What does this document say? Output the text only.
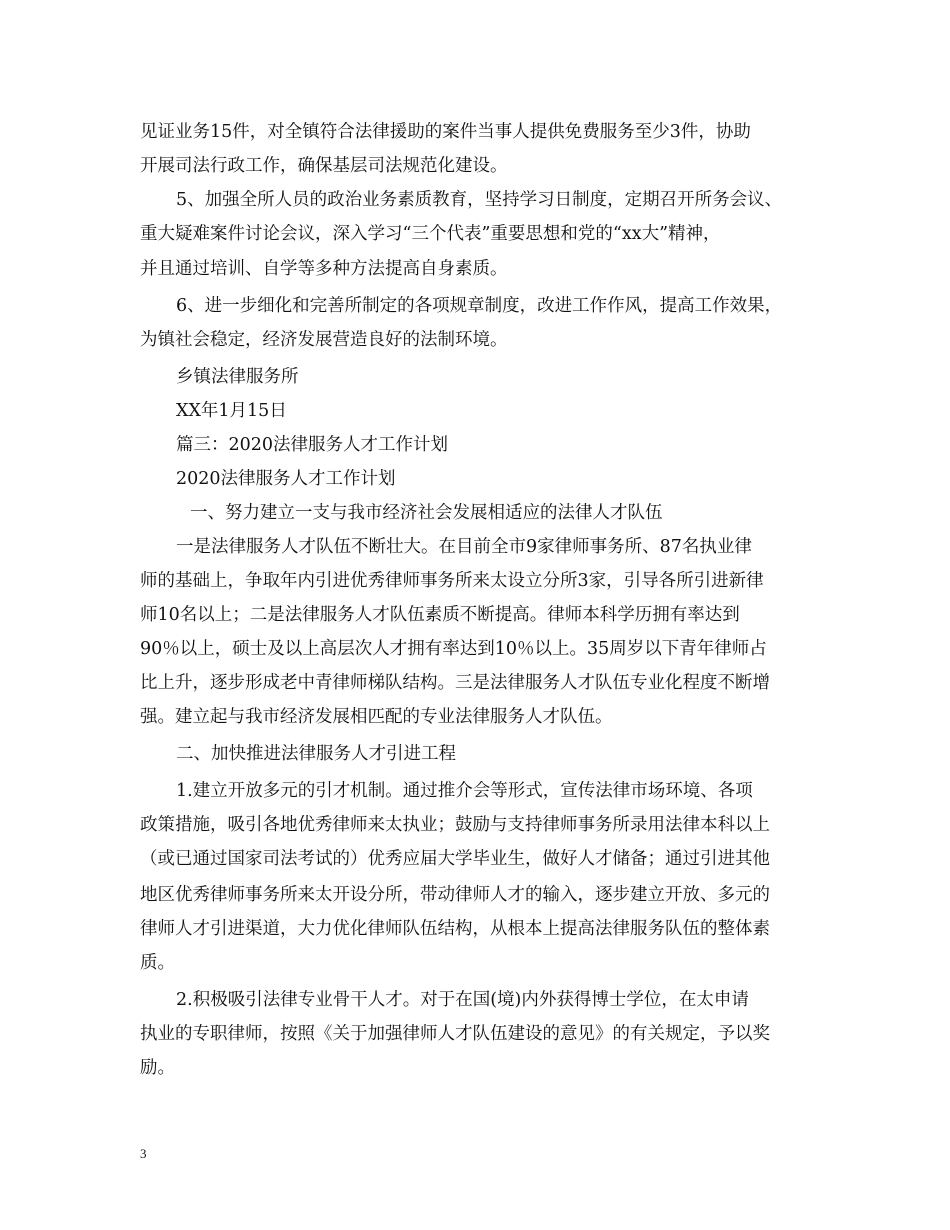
见证业务15件，对全镇符合法律援助的案件当事人提供免费服务至少3件，协助
开展司法行政工作，确保基层司法规范化建设。
5、加强全所人员的政治业务素质教育，坚持学习日制度，定期召开所务会议、
重大疑难案件讨论会议，深入学习“三个代表”重要思想和党的“xx大”精神，
并且通过培训、自学等多种方法提高自身素质。
6、进一步细化和完善所制定的各项规章制度，改进工作作风，提高工作效果，
为镇社会稳定，经济发展营造良好的法制环境。
乡镇法律服务所
XX年1月15日
篇三：2020法律服务人才工作计划
2020法律服务人才工作计划
一、努力建立一支与我市经济社会发展相适应的法律人才队伍
一是法律服务人才队伍不断壮大。在目前全市9家律师事务所、87名执业律
师的基础上，争取年内引进优秀律师事务所来太设立分所3家，引导各所引进新律
师10名以上；二是法律服务人才队伍素质不断提高。律师本科学历拥有率达到
90％以上，硕士及以上高层次人才拥有率达到10％以上。35周岁以下青年律师占
比上升，逐步形成老中青律师梯队结构。三是法律服务人才队伍专业化程度不断增
强。建立起与我市经济发展相匹配的专业法律服务人才队伍。
二、加快推进法律服务人才引进工程
1.建立开放多元的引才机制。通过推介会等形式，宣传法律市场环境、各项
政策措施，吸引各地优秀律师来太执业；鼓励与支持律师事务所录用法律本科以上
（或已通过国家司法考试的）优秀应届大学毕业生，做好人才储备；通过引进其他
地区优秀律师事务所来太开设分所，带动律师人才的输入，逐步建立开放、多元的
律师人才引进渠道，大力优化律师队伍结构，从根本上提高法律服务队伍的整体素
质。
2.积极吸引法律专业骨干人才。对于在国(境)内外获得博士学位，在太申请
执业的专职律师，按照《关于加强律师人才队伍建设的意见》的有关规定，予以奖
励。
3
